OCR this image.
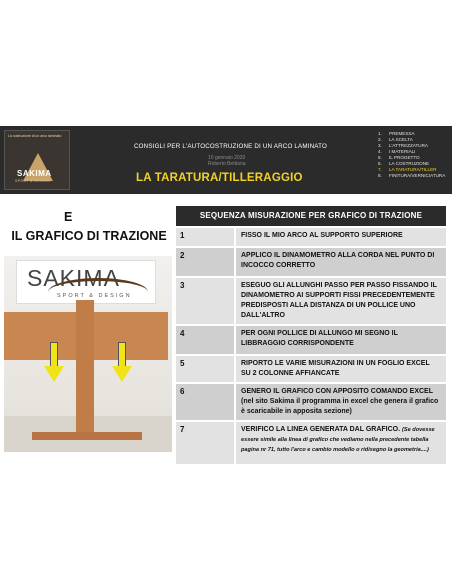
La costruzione di un arco laminato
SAKIMA
SPORT & DESIGN
CONSIGLI PER L'AUTOCOSTRUZIONE DI UN ARCO LAMINATO
10 gennaio 2020
Roberto Bettiana
LA TARATURA/TILLERAGGIO
1. PREMESSA
2. LA SCELTA
3. L'ATTREZZATURA
4. I MATERIALI
5. IL PROGETTO
6. LA COSTRUZIONE
7. LA TARATURA/TILLER
8. FINITURA/VERNICIATURA
E
IL GRAFICO DI TRAZIONE
SAKIMA
SPORT & DESIGN
SEQUENZA MISURAZIONE PER GRAFICO DI TRAZIONE
1	FISSO IL MIO ARCO AL SUPPORTO SUPERIORE
2	APPLICO IL DINAMOMETRO ALLA CORDA NEL PUNTO DI INCOCCO CORRETTO
3	ESEGUO GLI ALLUNGHI PASSO PER PASSO FISSANDO IL DINAMOMETRO AI SUPPORTI FISSI PRECEDENTEMENTE PREDISPOSTI ALLA DISTANZA DI UN POLLICE UNO DALL'ALTRO
4	PER OGNI POLLICE DI ALLUNGO MI SEGNO IL LIBBRAGGIO CORRISPONDENTE
5	RIPORTO LE VARIE MISURAZIONI IN UN FOGLIO EXCEL SU 2 COLONNE AFFIANCATE
6	GENERO IL GRAFICO CON APPOSITO COMANDO EXCEL (nel sito Sakima il programma in excel che genera il grafico è scaricabile in apposita sezione)
7	VERIFICO LA LINEA GENERATA DAL GRAFICO. (Se dovesse essere simile alla linea di grafico che vediamo nella precedente tabella pagina nr 71, tutto l'arco e cambio modello o ridisegno la geometria....)
